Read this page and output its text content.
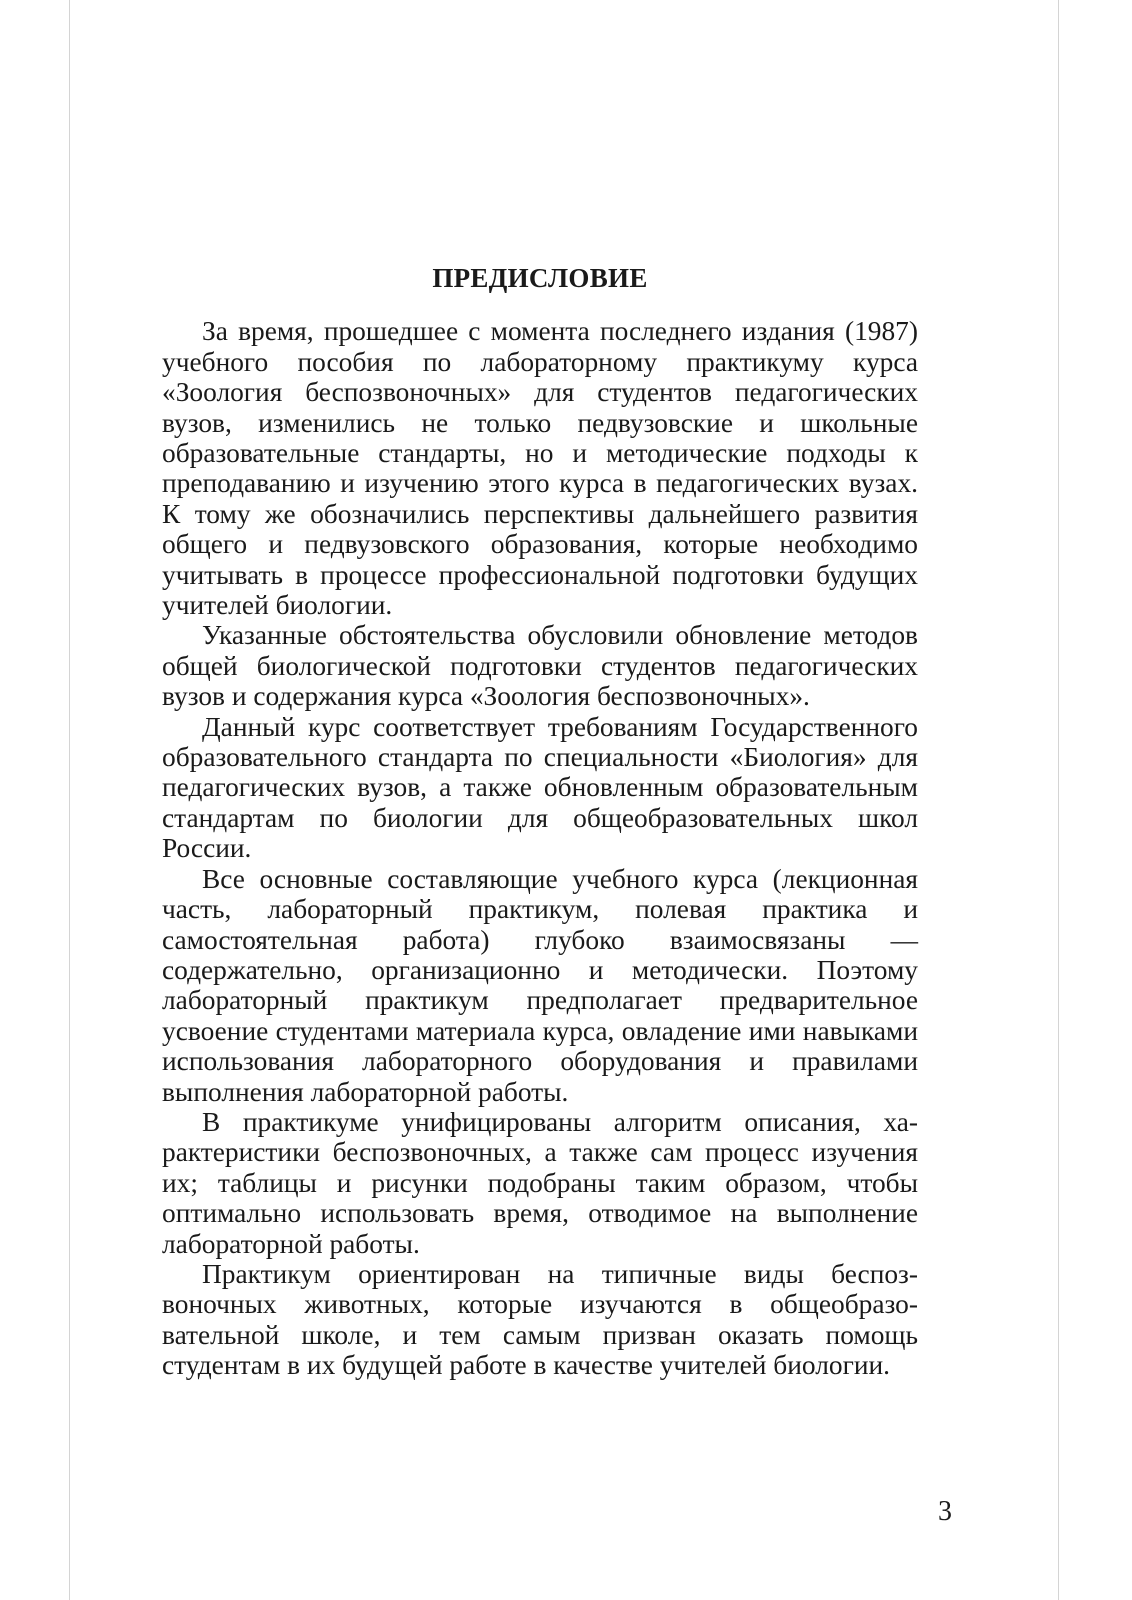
ПРЕДИСЛОВИЕ

За время, прошедшее с момента последнего издания (1987) учебного пособия по лабораторному практикуму курса «Зоология беспозвоночных» для студентов педагогических вузов, изменились не только педвузовские и школьные образовательные стандарты, но и методические подходы к преподаванию и изучению этого курса в педагогических вузах. К тому же обозначились перспективы дальнейшего развития общего и педвузовского образования, которые необходимо учитывать в процессе профессиональной подготовки будущих учителей биологии.

Указанные обстоятельства обусловили обновление методов общей биологической подготовки студентов педагогических вузов и содержания курса «Зоология беспозвоночных».

Данный курс соответствует требованиям Государственного образовательного стандарта по специальности «Биология» для педагогических вузов, а также обновленным образовательным стандартам по биологии для общеобразовательных школ России.

Все основные составляющие учебного курса (лекционная часть, лабораторный практикум, полевая практика и самостоятельная работа) глубоко взаимосвязаны — содержательно, организационно и методически. Поэтому лабораторный практикум предполагает предварительное усвоение студентами материала курса, овладение ими навыками использования лабораторного оборудования и правилами выполнения лабораторной работы.

В практикуме унифицированы алгоритм описания, характеристики беспозвоночных, а также сам процесс изучения их; таблицы и рисунки подобраны таким образом, чтобы оптимально использовать время, отводимое на выполнение лабораторной работы.

Практикум ориентирован на типичные виды беспозвоночных животных, которые изучаются в общеобразовательной школе, и тем самым призван оказать помощь студентам в их будущей работе в качестве учителей биологии.

3
